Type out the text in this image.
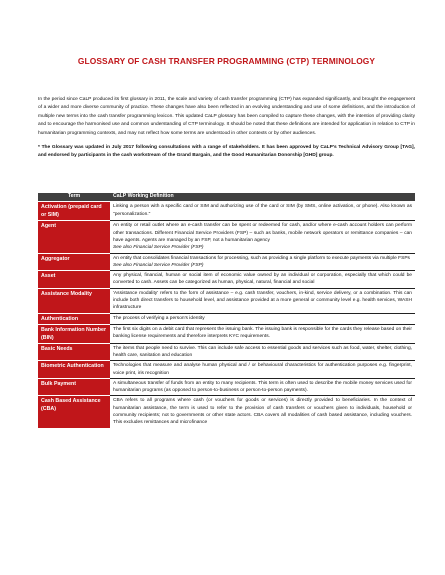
GLOSSARY OF CASH TRANSFER PROGRAMMING (CTP) TERMINOLOGY

In the period since CaLP produced its first glossary in 2011, the scale and variety of cash transfer programming (CTP) has expanded significantly, and brought the engagement of a wider and more diverse community of practice. These changes have also been reflected in an evolving understanding and use of some definitions, and the introduction of multiple new terms into the cash transfer programming lexicon. This updated CaLP glossary has been compiled to capture these changes, with the intention of providing clarity and to encourage the harmonised use and common understanding of CTP terminology. It should be noted that these definitions are intended for application in relation to CTP in humanitarian programming contexts, and may not reflect how some terms are understood in other contexts or by other audiences.

* The Glossary was updated in July 2017 following consultations with a range of stakeholders. It has been approved by CaLP's Technical Advisory Group [TAG], and endorsed by participants in the cash workstream of the Grand Bargain, and the Good Humanitarian Donorship [GHD] group.

Term	CaLP Working Definition
Activation (prepaid card or SIM)	Linking a person with a specific card or SIM and authorizing use of the card or SIM (by SMS, online activation, or phone). Also known as "personalization."
Agent	An entity or retail outlet where an e-cash transfer can be spent or redeemed for cash, and/or where e-cash account holders can perform other transactions. Different Financial Service Providers (FSP) – such as banks, mobile network operators or remittance companies – can have agents. Agents are managed by an FSP, not a humanitarian agency
See also Financial Service Provider (FSP)

Aggregator	An entity that consolidates financial transactions for processing, such as providing a single platform to execute payments via multiple FSPs
See also Financial Service Provider (FSP)

Asset	Any physical, financial, human or social item of economic value owned by an individual or corporation, especially that which could be converted to cash. Assets can be categorized as human, physical, natural, financial and social
Assistance Modality	'Assistance modality' refers to the form of assistance – e.g. cash transfer, vouchers, in-kind, service delivery, or a combination. This can include both direct transfers to household level, and assistance provided at a more general or community level e.g. health services, WASH infrastructure
Authentication	The process of verifying a person's identity
Bank Information Number (BIN)	The first six digits on a debit card that represent the issuing bank. The issuing bank is responsible for the cards they release based on their banking license requirements and therefore interprets KYC requirements.
Basic Needs	The items that people need to survive. This can include safe access to essential goods and services such as food, water, shelter, clothing, health care, sanitation and education
Biometric Authentication	Technologies that measure and analyse human physical and / or behavioural characteristics for authentication purposes e.g. fingerprint, voice print, iris recognition
Bulk Payment	A simultaneous transfer of funds from an entity to many recipients. This term is often used to describe the mobile money services used for humanitarian programs (as opposed to person-to-business or person-to-person payments).
Cash Based Assistance (CBA)	CBA refers to all programs where cash (or vouchers for goods or services) is directly provided to beneficiaries. In the context of humanitarian assistance, the term is used to refer to the provision of cash transfers or vouchers given to individuals, household or community recipients; not to governments or other state actors. CBA covers all modalities of cash based assistance, including vouchers. This excludes remittances and microfinance
